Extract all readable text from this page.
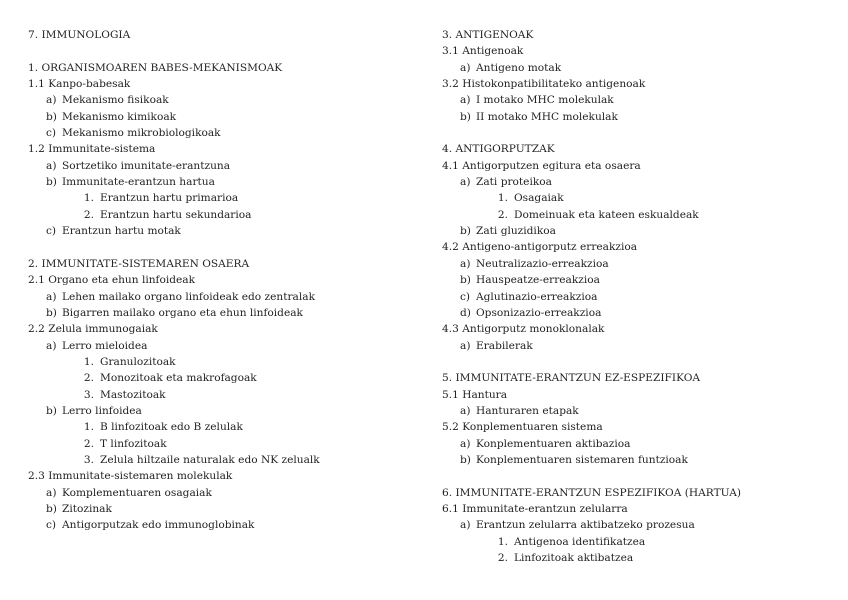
7. IMMUNOLOGIA
1. ORGANISMOAREN BABES-MEKANISMOAK
1.1 Kanpo-babesak
a) Mekanismo fisikoak
b) Mekanismo kimikoak
c) Mekanismo mikrobiologikoak
1.2 Immunitate-sistema
a) Sortzetiko imunitate-erantzuna
b) Immunitate-erantzun hartua
1. Erantzun hartu primarioa
2. Erantzun hartu sekundarioa
c) Erantzun hartu motak
2. IMMUNITATE-SISTEMAREN OSAERA
2.1 Organo eta ehun linfoideak
a) Lehen mailako organo linfoideak edo zentralak
b) Bigarren mailako organo eta ehun linfoideak
2.2 Zelula immunogaiak
a) Lerro mieloidea
1. Granulozitoak
2. Monozitoak eta makrofagoak
3. Mastozitoak
b) Lerro linfoidea
1. B linfozitoak edo B zelulak
2. T linfozitoak
3. Zelula hiltzaile naturalak edo NK zelualk
2.3 Immunitate-sistemaren molekulak
a) Komplementuaren osagaiak
b) Zitozinak
c) Antigorputzak edo immunoglobinak
3. ANTIGENOAK
3.1 Antigenoak
a) Antigeno motak
3.2 Histokonpatibilitateko antigenoak
a) I motako MHC molekulak
b) II motako MHC molekulak
4. ANTIGORPUTZAK
4.1 Antigorputzen egitura eta osaera
a) Zati proteikoa
1. Osagaiak
2. Domeinuak eta kateen eskualdeak
b) Zati gluzidikoa
4.2 Antigeno-antigorputz erreakzioa
a) Neutralizazio-erreakzioa
b) Hauspeatze-erreakzioa
c) Aglutinazio-erreakzioa
d) Opsonizazio-erreakzioa
4.3 Antigorputz monoklonalak
a) Erabilerak
5. IMMUNITATE-ERANTZUN EZ-ESPEZIFIKOA
5.1 Hantura
a) Hanturaren etapak
5.2 Konplementuaren sistema
a) Konplementuaren aktibazioa
b) Konplementuaren sistemaren funtzioak
6. IMMUNITATE-ERANTZUN ESPEZIFIKOA (HARTUA)
6.1 Immunitate-erantzun zelularra
a) Erantzun zelularra aktibatzeko prozesua
1. Antigenoa identifikatzea
2. Linfozitoak aktibatzea
